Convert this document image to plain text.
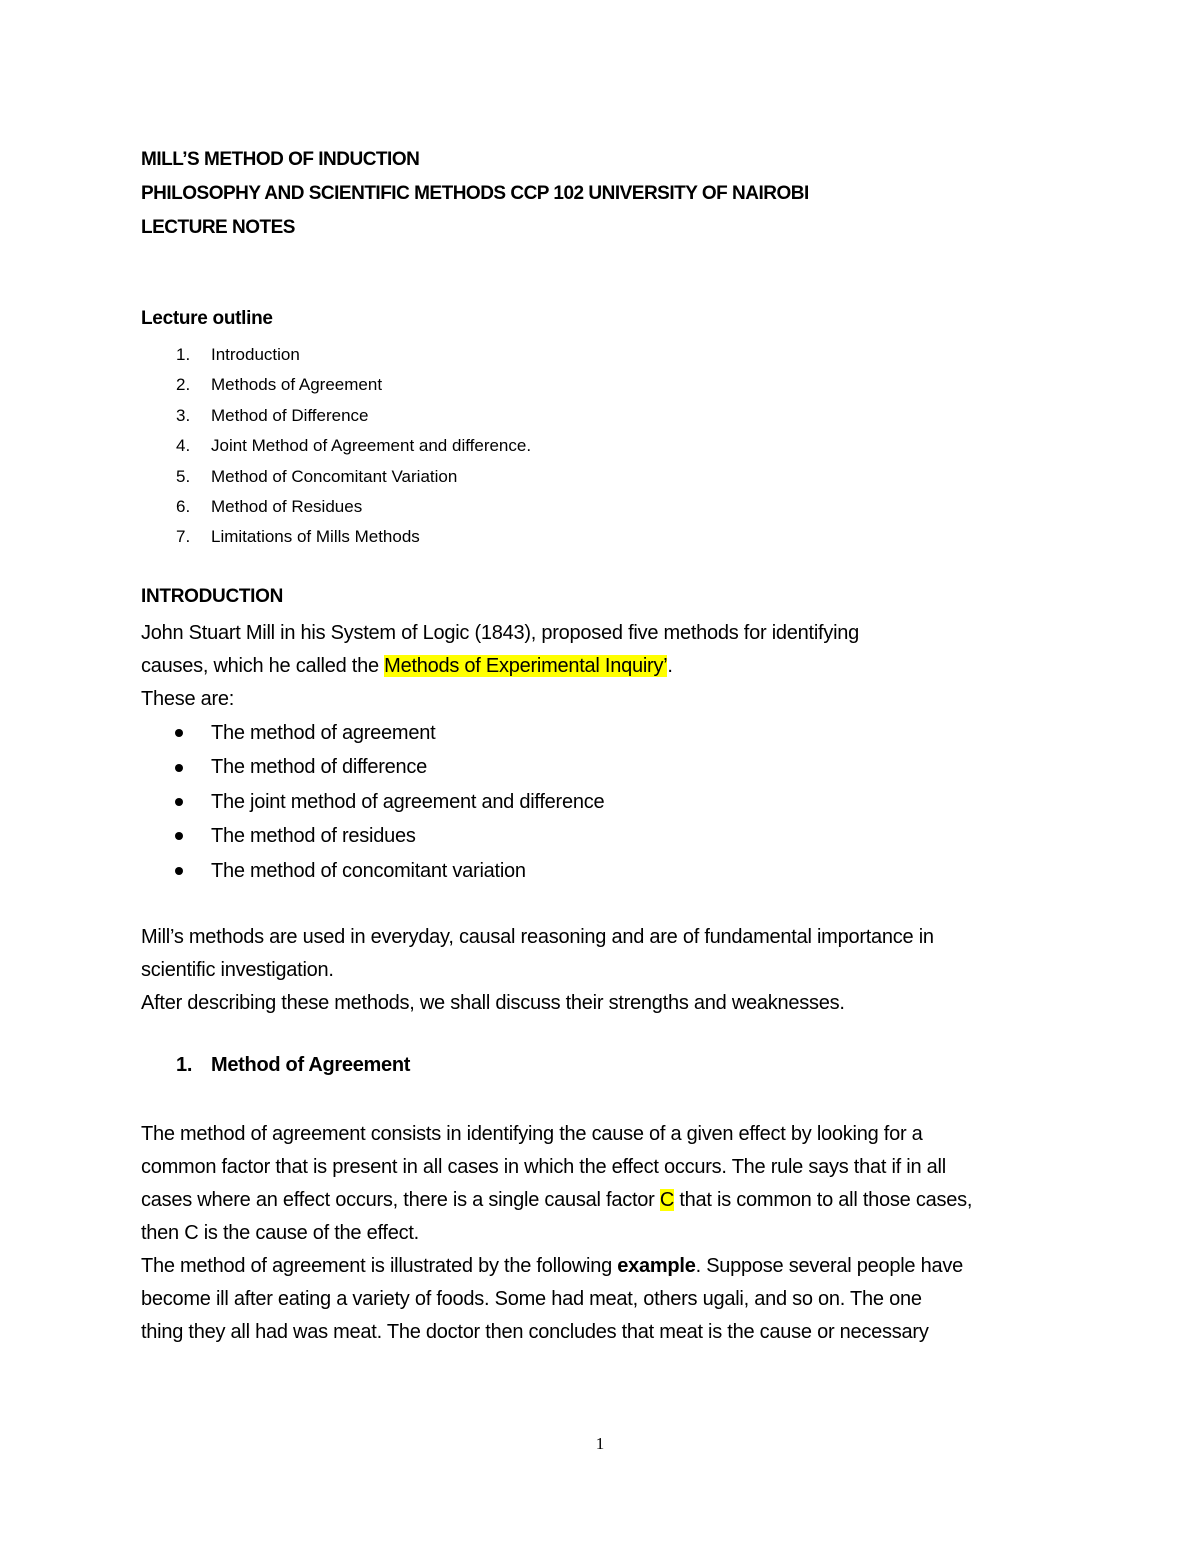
MILL’S METHOD OF INDUCTION
PHILOSOPHY AND SCIENTIFIC METHODS CCP 102 UNIVERSITY OF NAIROBI
LECTURE NOTES
Lecture outline
1. Introduction
2. Methods of Agreement
3. Method of Difference
4. Joint Method of Agreement and difference.
5. Method of Concomitant Variation
6. Method of Residues
7. Limitations of Mills Methods
INTRODUCTION
John Stuart Mill in his System of Logic (1843), proposed five methods for identifying
causes, which he called the Methods of Experimental Inquiry’.
These are:
The method of agreement
The method of difference
The joint method of agreement and difference
The method of residues
The method of concomitant variation
Mill’s methods are used in everyday, causal reasoning and are of fundamental importance in
scientific investigation.
After describing these methods, we shall discuss their strengths and weaknesses.
1. Method of Agreement
The method of agreement consists in identifying the cause of a given effect by looking for a
common factor that is present in all cases in which the effect occurs. The rule says that if in all
cases where an effect occurs, there is a single causal factor C that is common to all those cases,
then C is the cause of the effect.
The method of agreement is illustrated by the following example. Suppose several people have
become ill after eating a variety of foods. Some had meat, others ugali, and so on. The one
thing they all had was meat. The doctor then concludes that meat is the cause or necessary
1
